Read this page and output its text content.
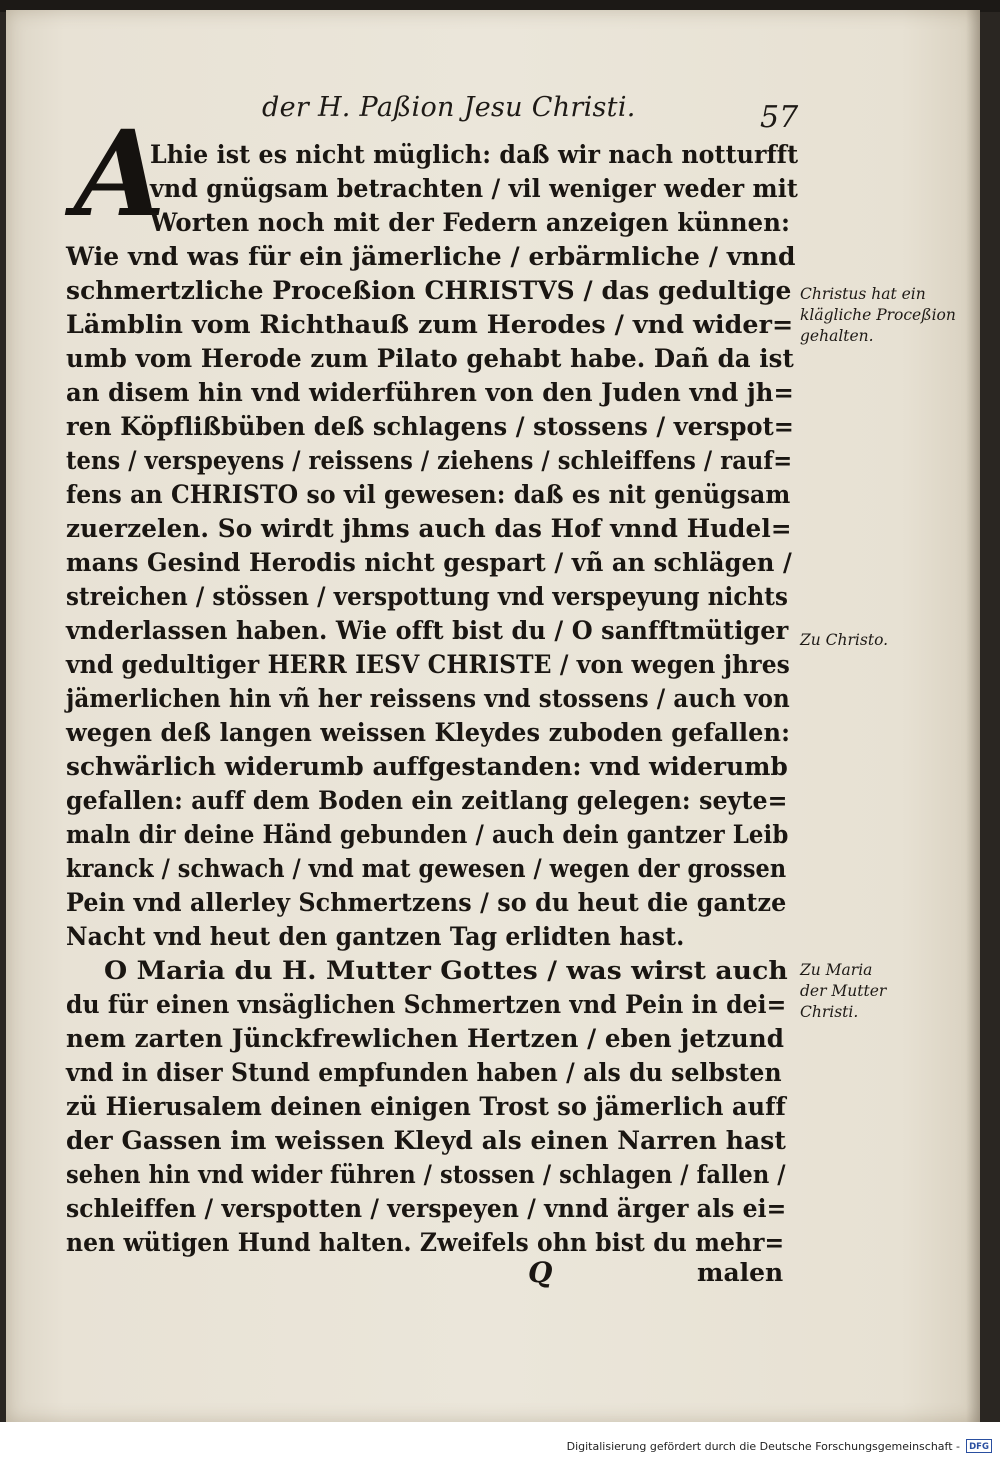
der H. Paßion Jesu Christi.	57
A
Lhie ist es nicht müglich: daß wir nach notturfft
vnd gnügsam betrachten / vil weniger weder mit
Worten noch mit der Federn anzeigen künnen:
Wie vnd was für ein jämerliche / erbärmliche / vnnd
schmertzliche Proceßion CHRISTVS / das gedultige
Lämblin vom Richthauß zum Herodes / vnd wider=
umb vom Herode zum Pilato gehabt habe. Dañ da ist
an disem hin vnd widerführen von den Juden vnd jh=
ren Köpflißbüben deß schlagens / stossens / verspot=
tens / verspeyens / reissens / ziehens / schleiffens / rauf=
fens an CHRISTO so vil gewesen: daß es nit genügsam
zuerzelen. So wirdt jhms auch das Hof vnnd Hudel=
mans Gesind Herodis nicht gespart / vñ an schlägen /
streichen / stössen / verspottung vnd verspeyung nichts
vnderlassen haben. Wie offt bist du / O sanfftmütiger
vnd gedultiger HERR IESV CHRISTE / von wegen jhres
jämerlichen hin vñ her reissens vnd stossens / auch von
wegen deß langen weissen Kleydes zuboden gefallen:
schwärlich widerumb auffgestanden: vnd widerumb
gefallen: auff dem Boden ein zeitlang gelegen: seyte=
maln dir deine Händ gebunden / auch dein gantzer Leib
kranck / schwach / vnd mat gewesen / wegen der grossen
Pein vnd allerley Schmertzens / so du heut die gantze
Nacht vnd heut den gantzen Tag erlidten hast.
O Maria du H. Mutter Gottes / was wirst auch
du für einen vnsäglichen Schmertzen vnd Pein in dei=
nem zarten Jünckfrewlichen Hertzen / eben jetzund
vnd in diser Stund empfunden haben / als du selbsten
zü Hierusalem deinen einigen Trost so jämerlich auff
der Gassen im weissen Kleyd als einen Narren hast
sehen hin vnd wider führen / stossen / schlagen / fallen /
schleiffen / verspotten / verspeyen / vnnd ärger als ei=
nen wütigen Hund halten. Zweifels ohn bist du mehr=
Q	malen
Christus hat ein klägliche Proceßion gehalten.
Zu Christo.
Zu Maria der Mutter Christi.
Digitalisierung gefördert durch die Deutsche Forschungsgemeinschaft -	DFG
